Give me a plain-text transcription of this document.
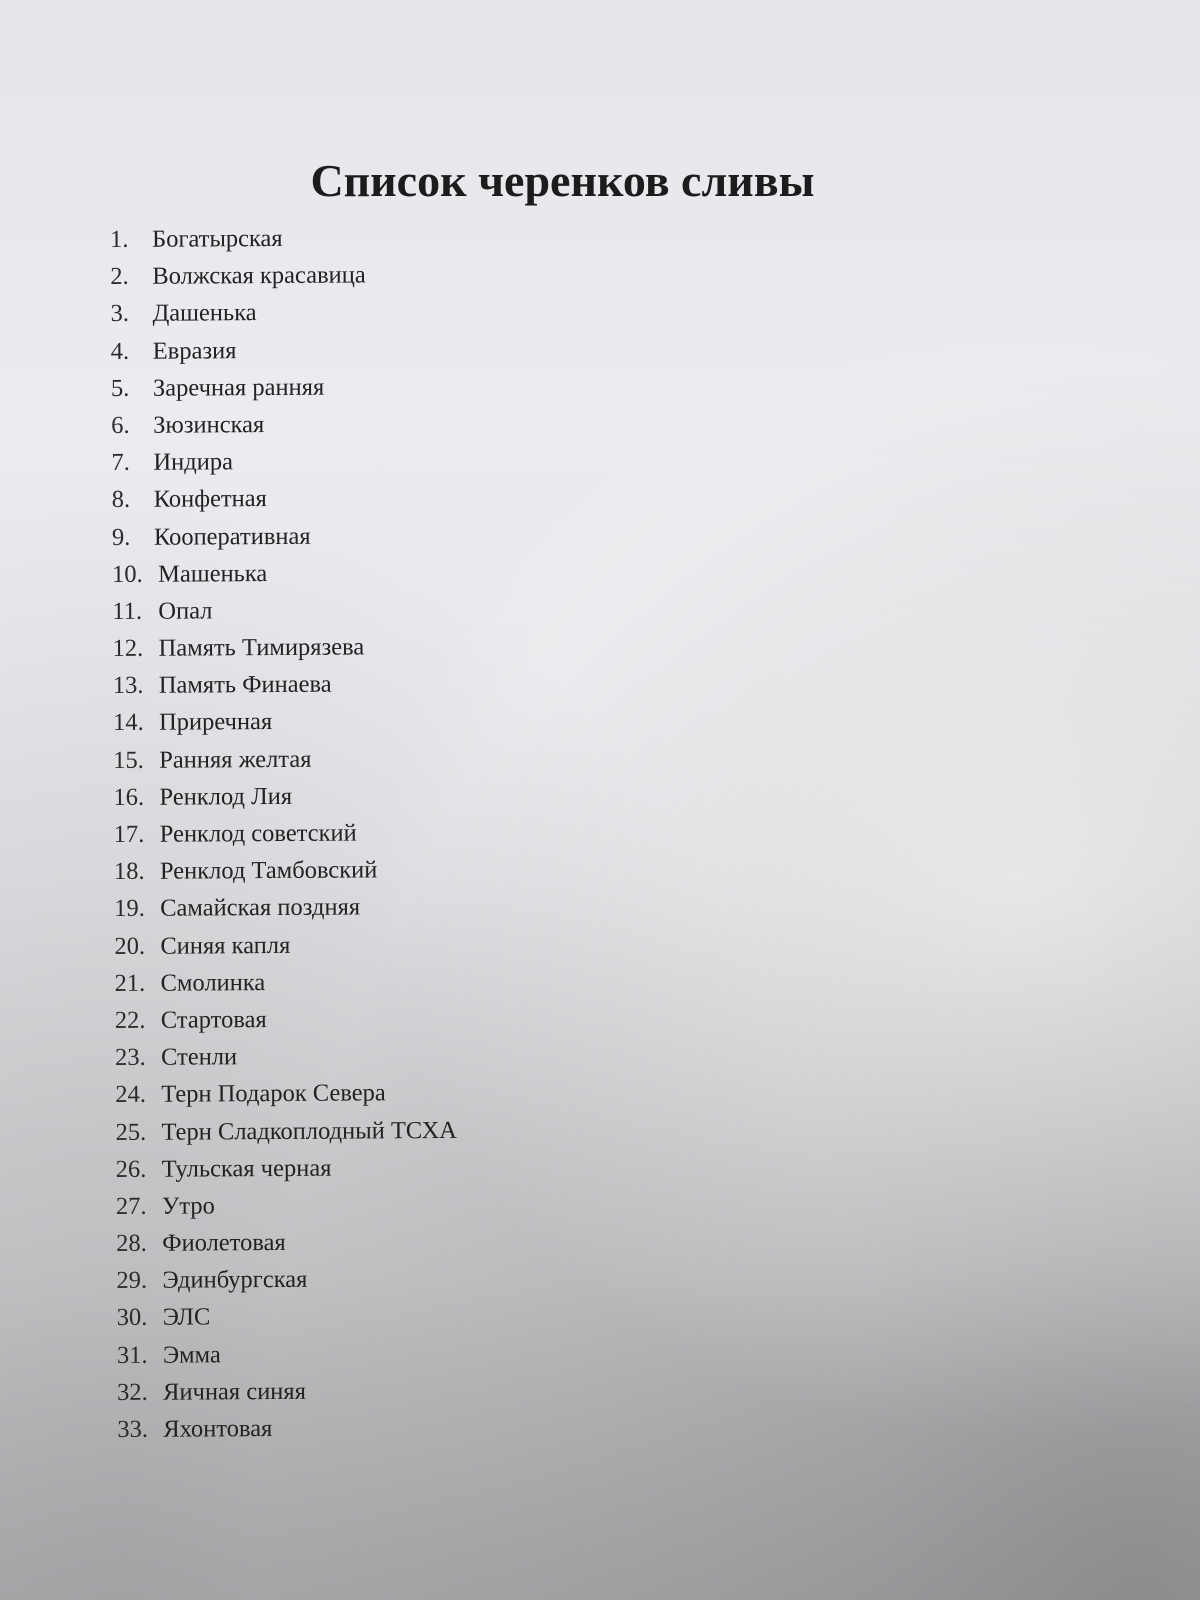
Список черенков сливы
1. Богатырская
2. Волжская красавица
3. Дашенька
4. Евразия
5. Заречная ранняя
6. Зюзинская
7. Индира
8. Конфетная
9. Кооперативная
10. Машенька
11. Опал
12. Память Тимирязева
13. Память Финаева
14. Приречная
15. Ранняя желтая
16. Ренклод Лия
17. Ренклод советский
18. Ренклод Тамбовский
19. Самайская поздняя
20. Синяя капля
21. Смолинка
22. Стартовая
23. Стенли
24. Терн Подарок Севера
25. Терн Сладкоплодный ТСХА
26. Тульская черная
27. Утро
28. Фиолетовая
29. Эдинбургская
30. ЭЛС
31. Эмма
32. Яичная синяя
33. Яхонтовая
